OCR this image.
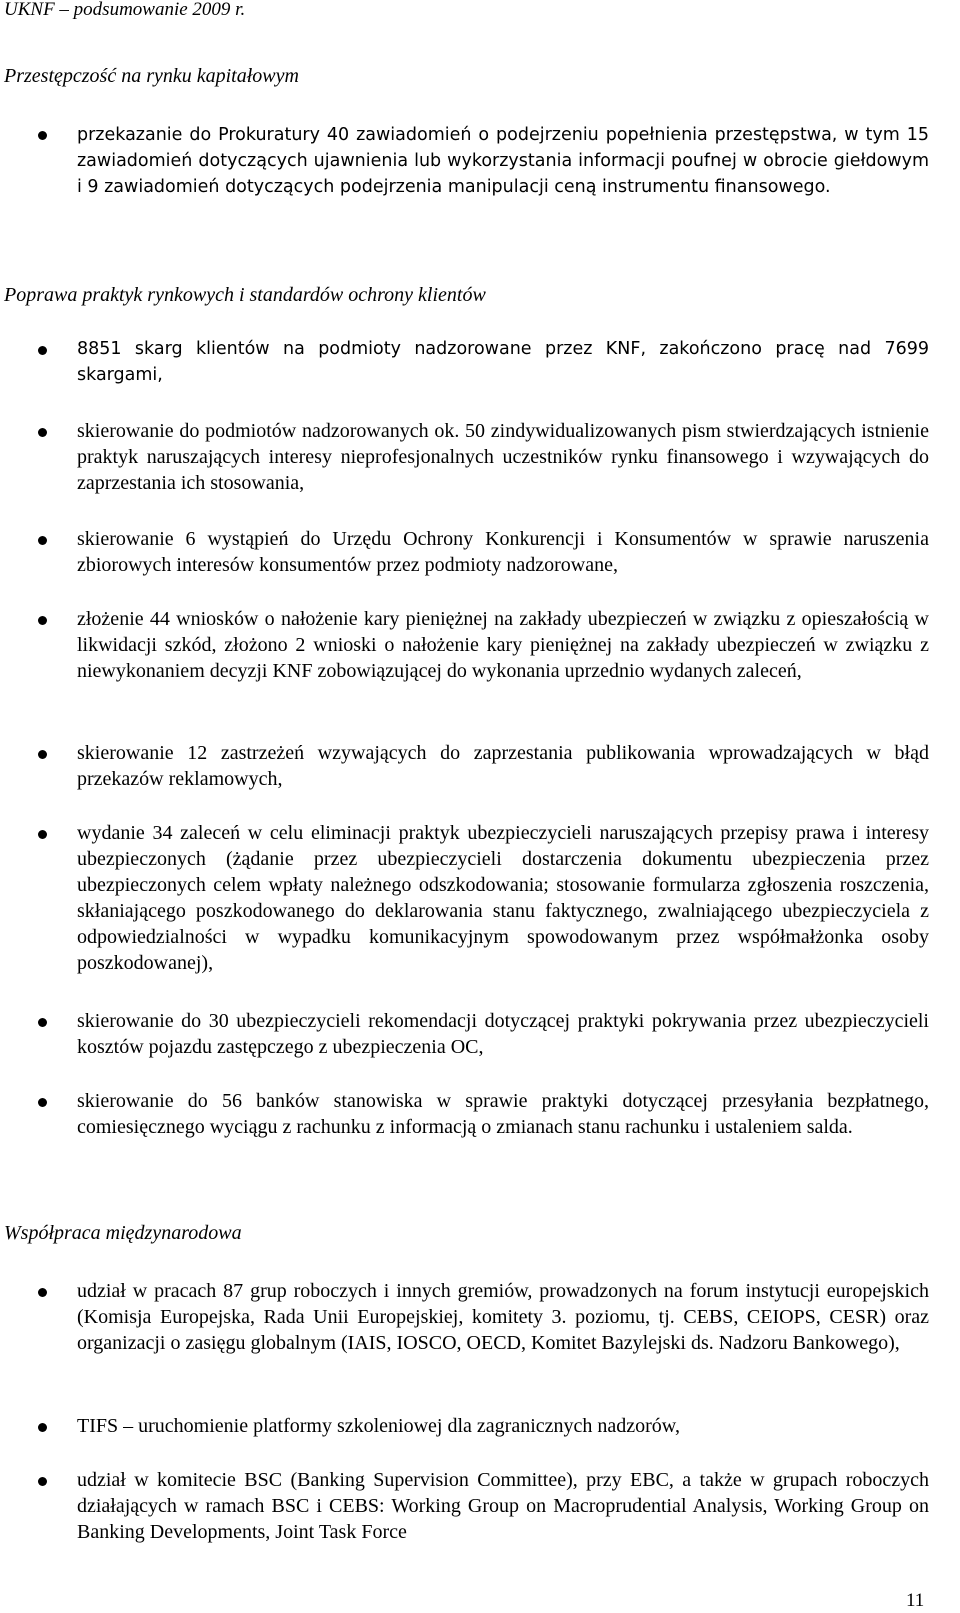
UKNF – podsumowanie 2009 r.
Przestępczość na rynku kapitałowym
przekazanie do Prokuratury 40 zawiadomień o podejrzeniu popełnienia przestępstwa, w tym 15 zawiadomień dotyczących ujawnienia lub wykorzystania informacji poufnej w obrocie giełdowym i 9 zawiadomień dotyczących podejrzenia manipulacji ceną instrumentu finansowego.
Poprawa praktyk rynkowych i standardów ochrony klientów
8851 skarg klientów na podmioty nadzorowane przez KNF, zakończono pracę nad 7699 skargami,
skierowanie do podmiotów nadzorowanych ok. 50 zindywidualizowanych pism stwierdzających istnienie praktyk naruszających interesy nieprofesjonalnych uczestników rynku finansowego i wzywających do zaprzestania ich stosowania,
skierowanie 6 wystąpień do Urzędu Ochrony Konkurencji i Konsumentów w sprawie naruszenia zbiorowych interesów konsumentów przez podmioty nadzorowane,
złożenie 44 wniosków o nałożenie kary pieniężnej na zakłady ubezpieczeń w związku z opieszałością w likwidacji szkód, złożono 2 wnioski o nałożenie kary pieniężnej na zakłady ubezpieczeń w związku z niewykonaniem decyzji KNF zobowiązującej do wykonania uprzednio wydanych zaleceń,
skierowanie 12 zastrzeżeń wzywających do zaprzestania publikowania wprowadzających w błąd przekazów reklamowych,
wydanie 34 zaleceń w celu eliminacji praktyk ubezpieczycieli naruszających przepisy prawa i interesy ubezpieczonych (żądanie przez ubezpieczycieli dostarczenia dokumentu ubezpieczenia przez ubezpieczonych celem wpłaty należnego odszkodowania; stosowanie formularza zgłoszenia roszczenia, skłaniającego poszkodowanego do deklarowania stanu faktycznego, zwalniającego ubezpieczyciela z odpowiedzialności w wypadku komunikacyjnym spowodowanym przez współmałżonka osoby poszkodowanej),
skierowanie do 30 ubezpieczycieli rekomendacji dotyczącej praktyki pokrywania przez ubezpieczycieli kosztów pojazdu zastępczego z ubezpieczenia OC,
skierowanie do 56 banków stanowiska w sprawie praktyki dotyczącej przesyłania bezpłatnego, comiesięcznego wyciągu z rachunku z informacją o zmianach stanu rachunku i ustaleniem salda.
Współpraca międzynarodowa
udział w pracach 87 grup roboczych i innych gremiów, prowadzonych na forum instytucji europejskich (Komisja Europejska, Rada Unii Europejskiej, komitety 3. poziomu, tj. CEBS, CEIOPS, CESR) oraz organizacji o zasięgu globalnym (IAIS, IOSCO, OECD, Komitet Bazylejski ds. Nadzoru Bankowego),
TIFS – uruchomienie platformy szkoleniowej dla zagranicznych nadzorów,
udział w komitecie BSC (Banking Supervision Committee), przy EBC, a także w grupach roboczych działających w ramach BSC i CEBS: Working Group on Macroprudential Analysis, Working Group on Banking Developments, Joint Task Force
11
